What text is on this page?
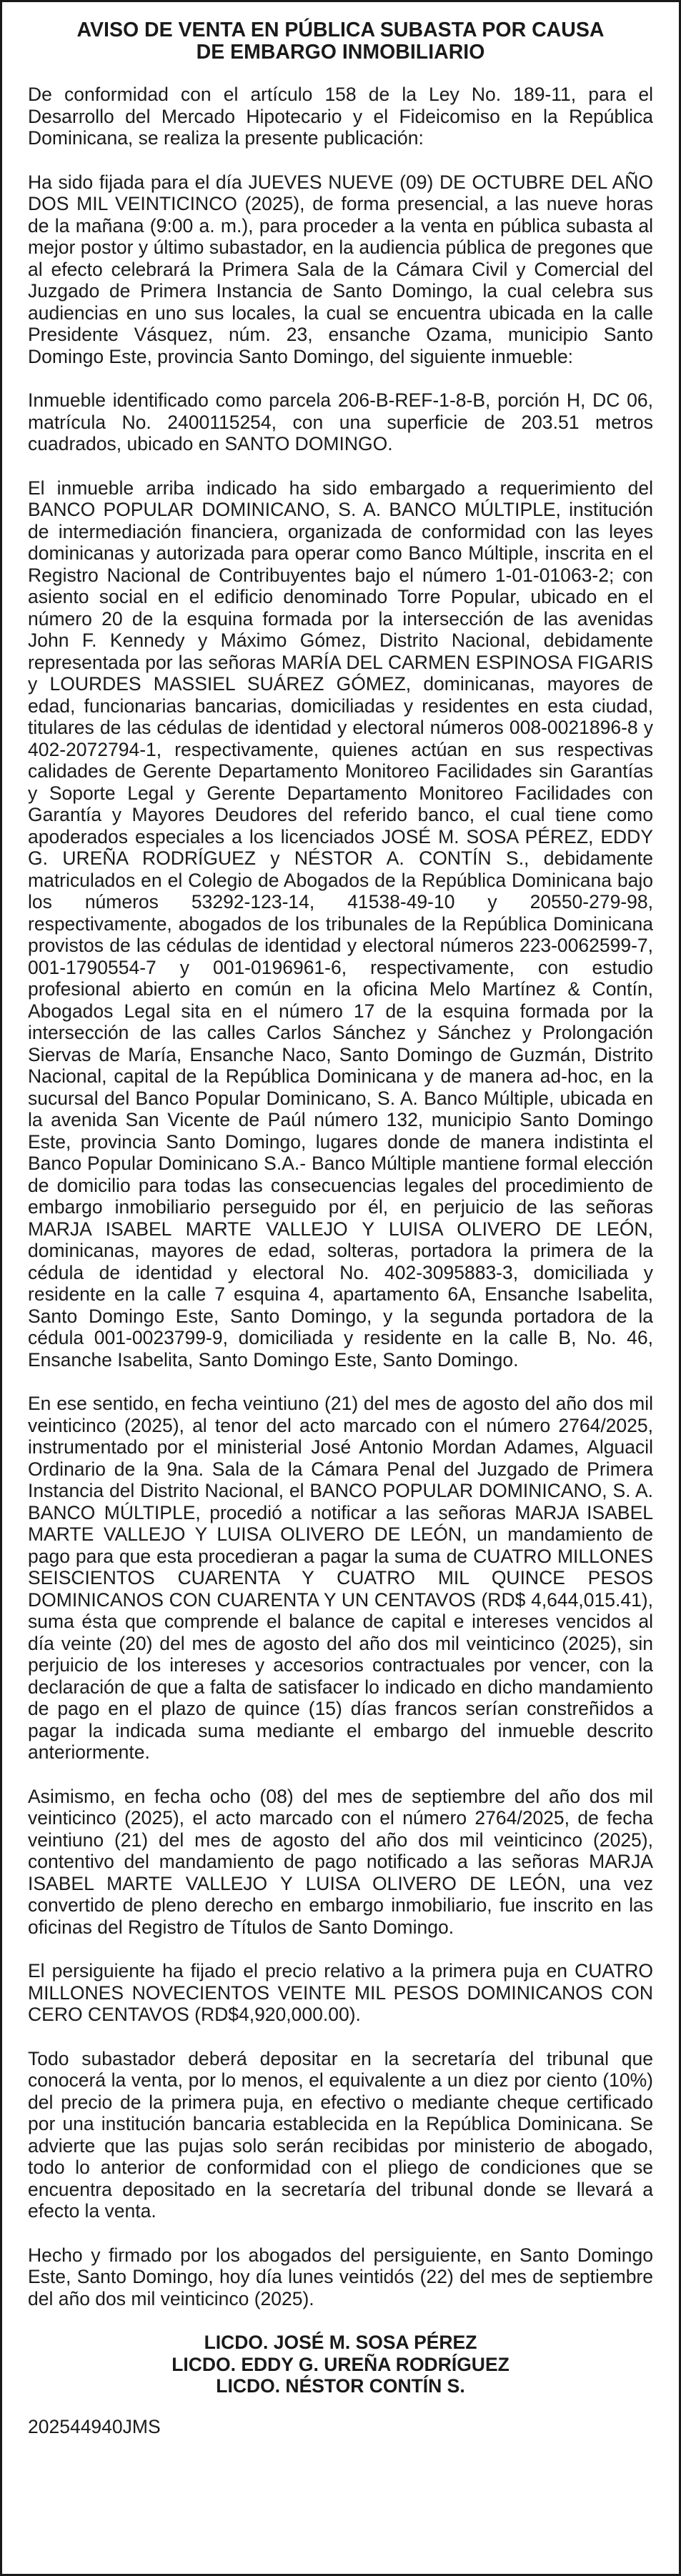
AVISO DE VENTA EN PÚBLICA SUBASTA POR CAUSA
DE EMBARGO INMOBILIARIO

De conformidad con el artículo 158 de la Ley No. 189-11, para el Desarrollo del Mercado Hipotecario y el Fideicomiso en la República Dominicana, se realiza la presente publicación:

Ha sido fijada para el día JUEVES NUEVE (09) DE OCTUBRE DEL AÑO DOS MIL VEINTICINCO (2025), de forma presencial, a las nueve horas de la mañana (9:00 a. m.), para proceder a la venta en pública subasta al mejor postor y último subastador, en la audiencia pública de pregones que al efecto celebrará la Primera Sala de la Cámara Civil y Comercial del Juzgado de Primera Instancia de Santo Domingo, la cual celebra sus audiencias en uno sus locales, la cual se encuentra ubicada en la calle Presidente Vásquez, núm. 23, ensanche Ozama, municipio Santo Domingo Este, provincia Santo Domingo, del siguiente inmueble:

Inmueble identificado como parcela 206-B-REF-1-8-B, porción H, DC 06, matrícula No. 2400115254, con una superficie de 203.51 metros cuadrados, ubicado en SANTO DOMINGO.

El inmueble arriba indicado ha sido embargado a requerimiento del BANCO POPULAR DOMINICANO, S. A. BANCO MÚLTIPLE, institución de intermediación financiera, organizada de conformidad con las leyes dominicanas y autorizada para operar como Banco Múltiple, inscrita en el Registro Nacional de Contribuyentes bajo el número 1-01-01063-2; con asiento social en el edificio denominado Torre Popular, ubicado en el número 20 de la esquina formada por la intersección de las avenidas John F. Kennedy y Máximo Gómez, Distrito Nacional, debidamente representada por las señoras MARÍA DEL CARMEN ESPINOSA FIGARIS y LOURDES MASSIEL SUÁREZ GÓMEZ, dominicanas, mayores de edad, funcionarias bancarias, domiciliadas y residentes en esta ciudad, titulares de las cédulas de identidad y electoral números 008-0021896-8 y 402-2072794-1, respectivamente, quienes actúan en sus respectivas calidades de Gerente Departamento Monitoreo Facilidades sin Garantías y Soporte Legal y Gerente Departamento Monitoreo Facilidades con Garantía y Mayores Deudores del referido banco, el cual tiene como apoderados especiales a los licenciados JOSÉ M. SOSA PÉREZ, EDDY G. UREÑA RODRÍGUEZ y NÉSTOR A. CONTÍN S., debidamente matriculados en el Colegio de Abogados de la República Dominicana bajo los números 53292-123-14, 41538-49-10 y 20550-279-98, respectivamente, abogados de los tribunales de la República Dominicana provistos de las cédulas de identidad y electoral números 223-0062599-7, 001-1790554-7 y 001-0196961-6, respectivamente, con estudio profesional abierto en común en la oficina Melo Martínez & Contín, Abogados Legal sita en el número 17 de la esquina formada por la intersección de las calles Carlos Sánchez y Sánchez y Prolongación Siervas de María, Ensanche Naco, Santo Domingo de Guzmán, Distrito Nacional, capital de la República Dominicana y de manera ad-hoc, en la sucursal del Banco Popular Dominicano, S. A. Banco Múltiple, ubicada en la avenida San Vicente de Paúl número 132, municipio Santo Domingo Este, provincia Santo Domingo, lugares donde de manera indistinta el Banco Popular Dominicano S.A.- Banco Múltiple mantiene formal elección de domicilio para todas las consecuencias legales del procedimiento de embargo inmobiliario perseguido por él, en perjuicio de las señoras MARJA ISABEL MARTE VALLEJO Y LUISA OLIVERO DE LEÓN, dominicanas, mayores de edad, solteras, portadora la primera de la cédula de identidad y electoral No. 402-3095883-3, domiciliada y residente en la calle 7 esquina 4, apartamento 6A, Ensanche Isabelita, Santo Domingo Este, Santo Domingo, y la segunda portadora de la cédula 001-0023799-9, domiciliada y residente en la calle B, No. 46, Ensanche Isabelita, Santo Domingo Este, Santo Domingo.

En ese sentido, en fecha veintiuno (21) del mes de agosto del año dos mil veinticinco (2025), al tenor del acto marcado con el número 2764/2025, instrumentado por el ministerial José Antonio Mordan Adames, Alguacil Ordinario de la 9na. Sala de la Cámara Penal del Juzgado de Primera Instancia del Distrito Nacional, el BANCO POPULAR DOMINICANO, S. A. BANCO MÚLTIPLE, procedió a notificar a las señoras MARJA ISABEL MARTE VALLEJO Y LUISA OLIVERO DE LEÓN, un mandamiento de pago para que esta procedieran a pagar la suma de CUATRO MILLONES SEISCIENTOS CUARENTA Y CUATRO MIL QUINCE PESOS DOMINICANOS CON CUARENTA Y UN CENTAVOS (RD$ 4,644,015.41), suma ésta que comprende el balance de capital e intereses vencidos al día veinte (20) del mes de agosto del año dos mil veinticinco (2025), sin perjuicio de los intereses y accesorios contractuales por vencer, con la declaración de que a falta de satisfacer lo indicado en dicho mandamiento de pago en el plazo de quince (15) días francos serían constreñidos a pagar la indicada suma mediante el embargo del inmueble descrito anteriormente.

Asimismo, en fecha ocho (08) del mes de septiembre del año dos mil veinticinco (2025), el acto marcado con el número 2764/2025, de fecha veintiuno (21) del mes de agosto del año dos mil veinticinco (2025), contentivo del mandamiento de pago notificado a las señoras MARJA ISABEL MARTE VALLEJO Y LUISA OLIVERO DE LEÓN, una vez convertido de pleno derecho en embargo inmobiliario, fue inscrito en las oficinas del Registro de Títulos de Santo Domingo.

El persiguiente ha fijado el precio relativo a la primera puja en CUATRO MILLONES NOVECIENTOS VEINTE MIL PESOS DOMINICANOS CON CERO CENTAVOS (RD$4,920,000.00).

Todo subastador deberá depositar en la secretaría del tribunal que conocerá la venta, por lo menos, el equivalente a un diez por ciento (10%) del precio de la primera puja, en efectivo o mediante cheque certificado por una institución bancaria establecida en la República Dominicana. Se advierte que las pujas solo serán recibidas por ministerio de abogado, todo lo anterior de conformidad con el pliego de condiciones que se encuentra depositado en la secretaría del tribunal donde se llevará a efecto la venta.

Hecho y firmado por los abogados del persiguiente, en Santo Domingo Este, Santo Domingo, hoy día lunes veintidós (22) del mes de septiembre del año dos mil veinticinco (2025).

LICDO. JOSÉ M. SOSA PÉREZ
LICDO. EDDY G. UREÑA RODRÍGUEZ
LICDO. NÉSTOR CONTÍN S.

202544940JMS
